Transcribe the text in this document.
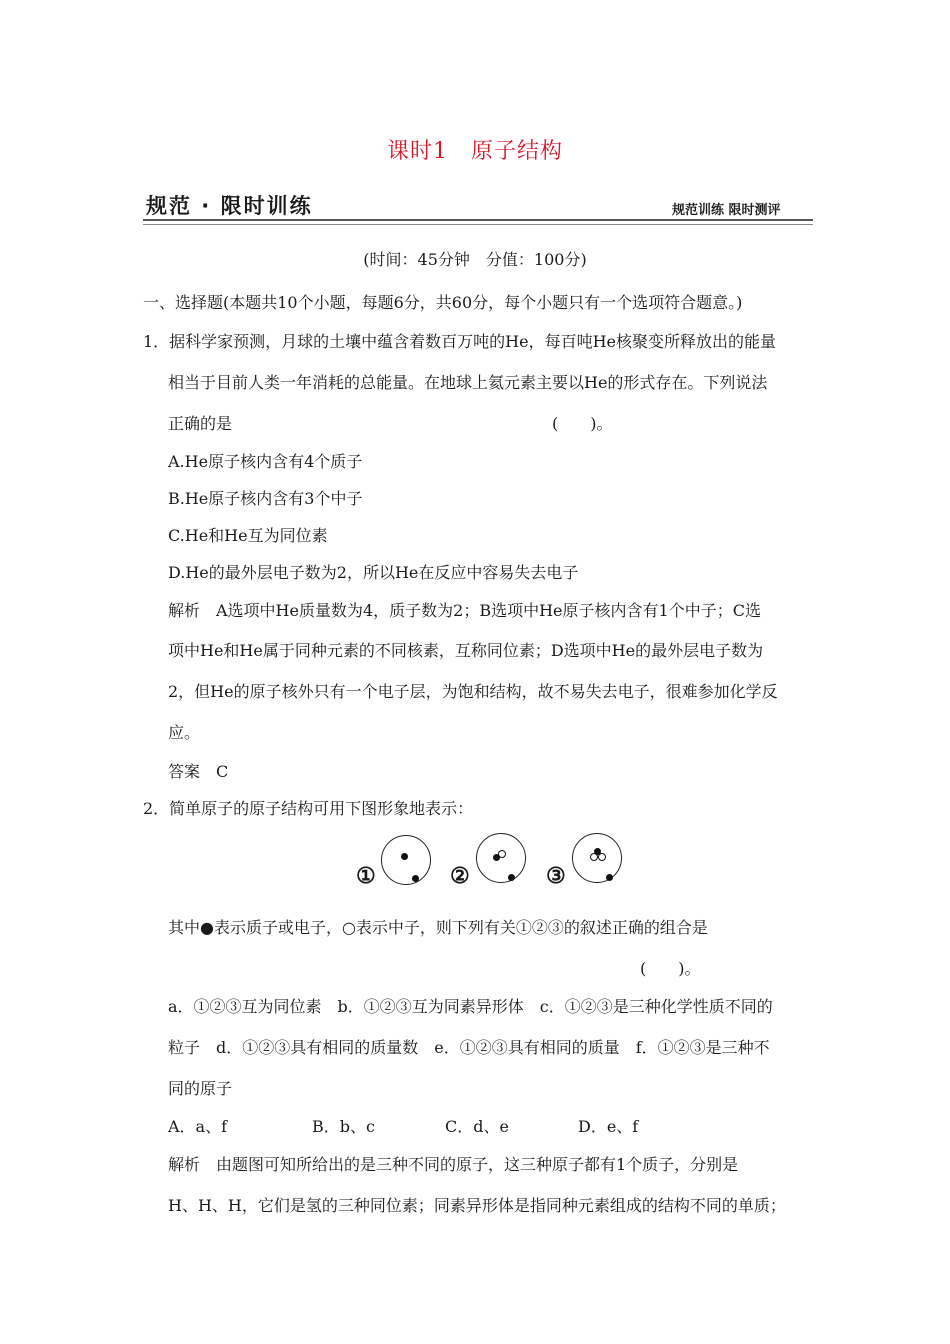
课时1　原子结构
规范 · 限时训练	规范训练 限时测评
(时间：45分钟　分值：100分)
一、选择题(本题共10个小题，每题6分，共60分，每个小题只有一个选项符合题意。)
1．据科学家预测，月球的土壤中蕴含着数百万吨的He，每百吨He核聚变所释放出的能量
相当于目前人类一年消耗的总能量。在地球上氦元素主要以He的形式存在。下列说法
正确的是　　　　　　　　　　　　　　　　　　　　(　　)。
A.He原子核内含有4个质子
B.He原子核内含有3个中子
C.He和He互为同位素
D.He的最外层电子数为2，所以He在反应中容易失去电子
解析　A选项中He质量数为4，质子数为2；B选项中He原子核内含有1个中子；C选
项中He和He属于同种元素的不同核素，互称同位素；D选项中He的最外层电子数为
2，但He的原子核外只有一个电子层，为饱和结构，故不易失去电子，很难参加化学反
应。
答案　C
2．简单原子的原子结构可用下图形象地表示：
①	②	③
其中●表示质子或电子，○表示中子，则下列有关①②③的叙述正确的组合是
(　　)。
a．①②③互为同位素　b．①②③互为同素异形体　c．①②③是三种化学性质不同的
粒子　d．①②③具有相同的质量数　e．①②③具有相同的质量　f．①②③是三种不
同的原子
A．a、f	B．b、c	C．d、e	D．e、f
解析　由题图可知所给出的是三种不同的原子，这三种原子都有1个质子，分别是
H、H、H，它们是氢的三种同位素；同素异形体是指同种元素组成的结构不同的单质；
